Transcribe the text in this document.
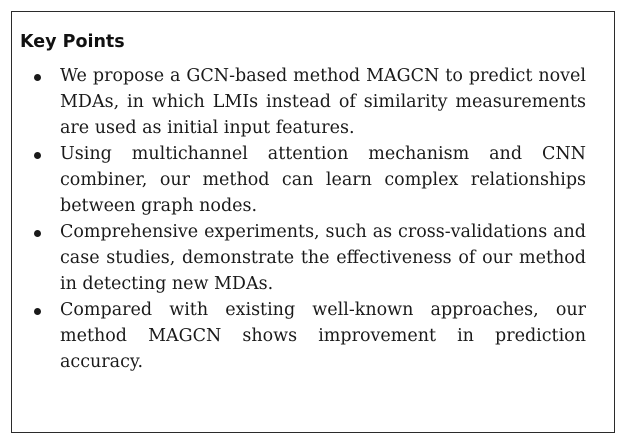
Key Points
We propose a GCN-based method MAGCN to predict novel MDAs, in which LMIs instead of similarity measurements are used as initial input features.
Using multichannel attention mechanism and CNN combiner, our method can learn complex relationships between graph nodes.
Comprehensive experiments, such as cross-validations and case studies, demonstrate the effectiveness of our method in detecting new MDAs.
Compared with existing well-known approaches, our method MAGCN shows improvement in prediction accuracy.
